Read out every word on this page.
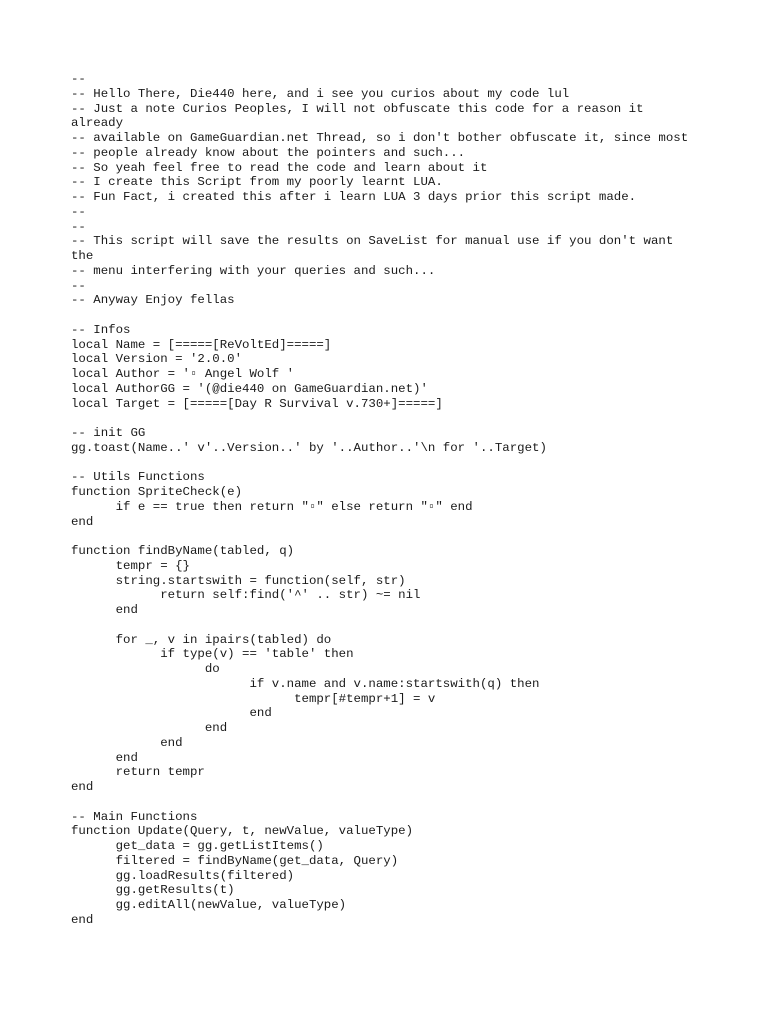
--
-- Hello There, Die440 here, and i see you curios about my code lul
-- Just a note Curios Peoples, I will not obfuscate this code for a reason it
already
-- available on GameGuardian.net Thread, so i don't bother obfuscate it, since most
-- people already know about the pointers and such...
-- So yeah feel free to read the code and learn about it
-- I create this Script from my poorly learnt LUA.
-- Fun Fact, i created this after i learn LUA 3 days prior this script made.
--
--
-- This script will save the results on SaveList for manual use if you don't want
the
-- menu interfering with your queries and such...
--
-- Anyway Enjoy fellas
-- Infos
local Name = [=====[ReVoltEd]=====]
local Version = '2.0.0'
local Author = '▫ Angel Wolf '
local AuthorGG = '(@die440 on GameGuardian.net)'
local Target = [=====[Day R Survival v.730+]=====]
-- init GG
gg.toast(Name..' v'..Version..' by '..Author..'\n for '..Target)
-- Utils Functions
function SpriteCheck(e)
if e == true then return "▫" else return "▫" end
end
function findByName(tabled, q)
tempr = {}
string.startswith = function(self, str)
return self:find('^' .. str) ~= nil
end
for _, v in ipairs(tabled) do
if type(v) == 'table' then
do
if v.name and v.name:startswith(q) then
tempr[#tempr+1] = v
end
end
end
end
return tempr
end
-- Main Functions
function Update(Query, t, newValue, valueType)
get_data = gg.getListItems()
filtered = findByName(get_data, Query)
gg.loadResults(filtered)
gg.getResults(t)
gg.editAll(newValue, valueType)
end
